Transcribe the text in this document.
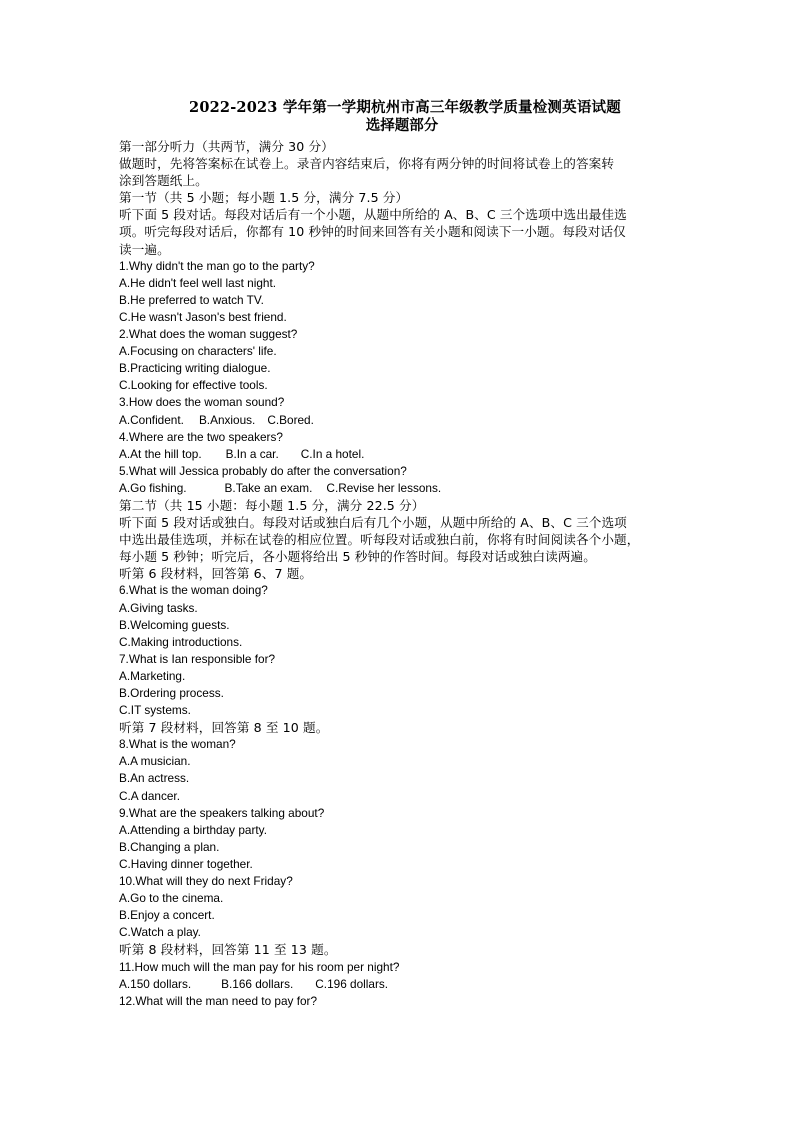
2022-2023 学年第一学期杭州市高三年级教学质量检测英语试题
选择题部分
第一部分听力（共两节，满分 30 分）
做题时，先将答案标在试卷上。录音内容结束后，你将有两分钟的时间将试卷上的答案转
涂到答题纸上。
第一节（共 5 小题；每小题 1.5 分，满分 7.5 分）
听下面 5 段对话。每段对话后有一个小题，从题中所给的 A、B、C 三个选项中选出最佳选
项。听完每段对话后，你都有 10 秒钟的时间来回答有关小题和阅读下一小题。每段对话仅
读一遍。
1.Why didn't the man go to the party?
A.He didn't feel well last night.
B.He preferred to watch TV.
C.He wasn't Jason's best friend.
2.What does the woman suggest?
A.Focusing on characters' life.
B.Practicing writing dialogue.
C.Looking for effective tools.
3.How does the woman sound?
A.Confident. B.Anxious. C.Bored.
4.Where are the two speakers?
A.At the hill top. B.In a car. C.In a hotel.
5.What will Jessica probably do after the conversation?
A.Go fishing.	B.Take an exam. C.Revise her lessons.
第二节（共 15 小题：每小题 1.5 分，满分 22.5 分）
听下面 5 段对话或独白。每段对话或独白后有几个小题，从题中所给的 A、B、C 三个选项
中选出最佳选项，并标在试卷的相应位置。听每段对话或独白前，你将有时间阅读各个小题，
每小题 5 秒钟；听完后，各小题将给出 5 秒钟的作答时间。每段对话或独白读两遍。
听第 6 段材料，回答第 6、7 题。
6.What is the woman doing?
A.Giving tasks.
B.Welcoming guests.
C.Making introductions.
7.What is Ian responsible for?
A.Marketing.
B.Ordering process.
C.IT systems.
听第 7 段材料，回答第 8 至 10 题。
8.What is the woman?
A.A musician.
B.An actress.
C.A dancer.
9.What are the speakers talking about?
A.Attending a birthday party.
B.Changing a plan.
C.Having dinner together.
10.What will they do next Friday?
A.Go to the cinema.
B.Enjoy a concert.
C.Watch a play.
听第 8 段材料，回答第 11 至 13 题。
11.How much will the man pay for his room per night?
A.150 dollars.	B.166 dollars. C.196 dollars.
12.What will the man need to pay for?
